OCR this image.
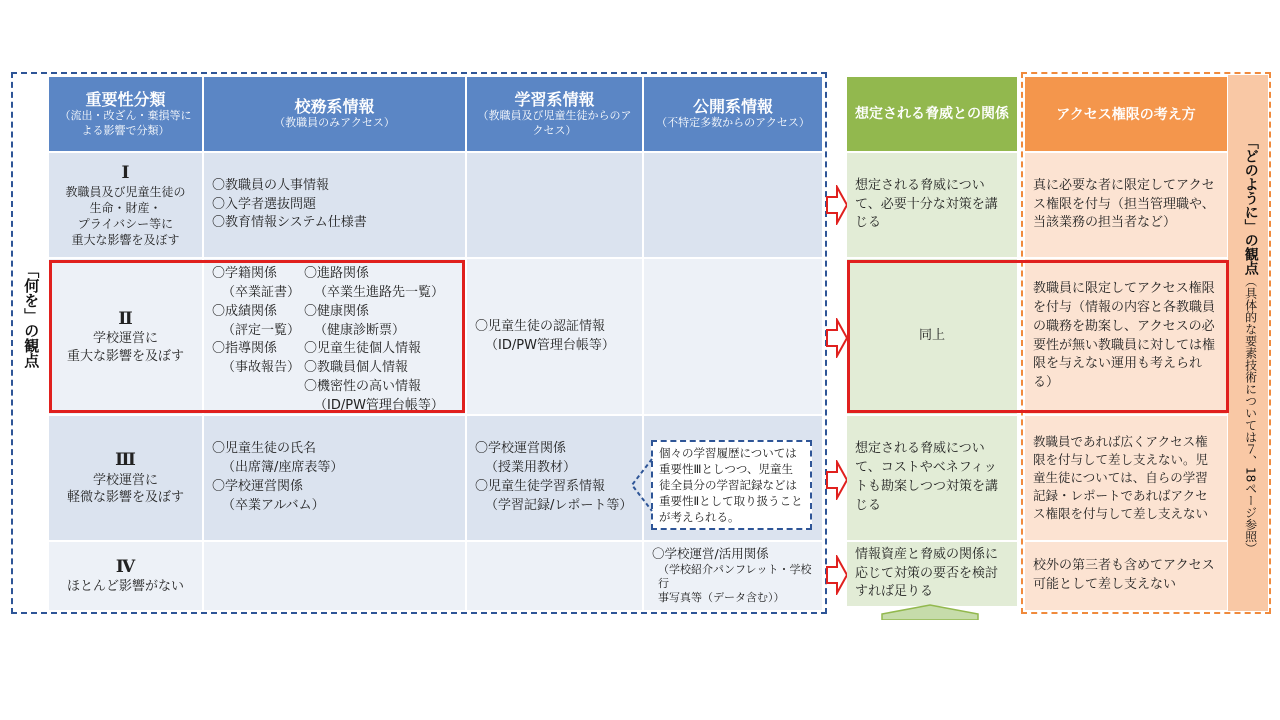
「何を」の観点
重要性分類
（流出・改ざん・棄損等による影響で分類）
校務系情報
（教職員のみアクセス）
学習系情報
（教職員及び児童生徒からのアクセス）
公開系情報
（不特定多数からのアクセス）
Ⅰ
教職員及び児童生徒の
生命・財産・
プライバシー等に
重大な影響を及ぼす
〇教職員の人事情報
〇入学者選抜問題
〇教育情報システム仕様書
Ⅱ
学校運営に
重大な影響を及ぼす
〇学籍関係
（卒業証書）
〇成績関係
（評定一覧）
〇指導関係
（事故報告）
〇進路関係
（卒業生進路先一覧）
〇健康関係
（健康診断票）
〇児童生徒個人情報
〇教職員個人情報
〇機密性の高い情報
（ID/PW管理台帳等）
〇児童生徒の認証情報
（ID/PW管理台帳等）
Ⅲ
学校運営に
軽微な影響を及ぼす
〇児童生徒の氏名
（出席簿/座席表等）
〇学校運営関係
（卒業アルバム）
〇学校運営関係
（授業用教材）
〇児童生徒学習系情報
（学習記録/レポート等）
個々の学習履歴については重要性Ⅲとしつつ、児童生徒全員分の学習記録などは重要性Ⅱとして取り扱うことが考えられる。
Ⅳ
ほとんど影響がない
〇学校運営/活用関係
（学校紹介パンフレット・学校行
事写真等（データ含む））
想定される脅威との関係
想定される脅威について、必要十分な対策を講じる
同上
想定される脅威について、コストやベネフィットも勘案しつつ対策を講じる
情報資産と脅威の関係に応じて対策の要否を検討すれば足りる
アクセス権限の考え方
真に必要な者に限定してアクセス権限を付与（担当管理職や、当該業務の担当者など）
教職員に限定してアクセス権限を付与（情報の内容と各教職員の職務を勘案し、アクセスの必要性が無い教職員に対しては権限を与えない運用も考えられる）
教職員であれば広くアクセス権限を付与して差し支えない。児童生徒については、自らの学習記録・レポートであればアクセス権限を付与して差し支えない
校外の第三者も含めてアクセス可能として差し支えない
「どのように」の観点
（具体的な要素技術については７、18ページ参照）
